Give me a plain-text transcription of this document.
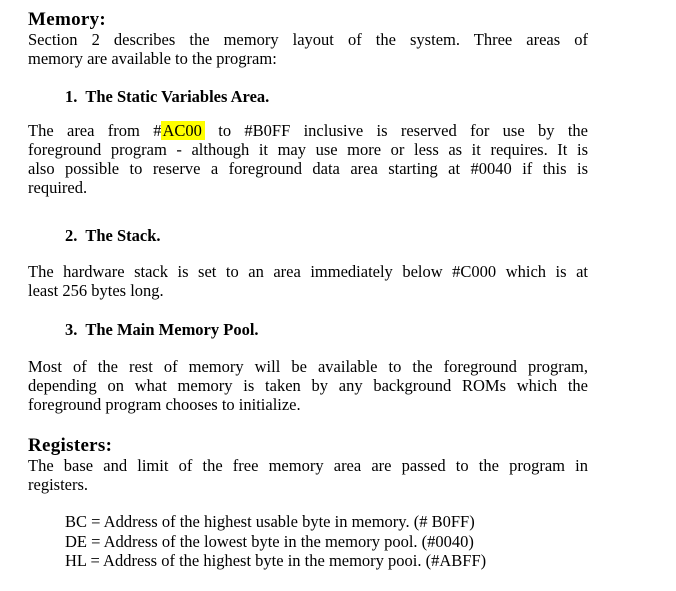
Memory:
Section 2 describes the memory layout of the system. Three areas of
memory are available to the program:
1.  The Static Variables Area.
The area from #AC00 to #B0FF inclusive is reserved for use by the
foreground program - although it may use more or less as it requires. It is
also possible to reserve a foreground data area starting at #0040 if this is
required.
2.  The Stack.
The hardware stack is set to an area immediately below #C000 which is at
least 256 bytes long.
3.  The Main Memory Pool.
Most of the rest of memory will be available to the foreground program,
depending on what memory is taken by any background ROMs which the
foreground program chooses to initialize.
Registers:
The base and limit of the free memory area are passed to the program in
registers.
BC = Address of the highest usable byte in memory. (# B0FF)
DE = Address of the lowest byte in the memory pool. (#0040)
HL = Address of the highest byte in the memory pooi. (#ABFF)
